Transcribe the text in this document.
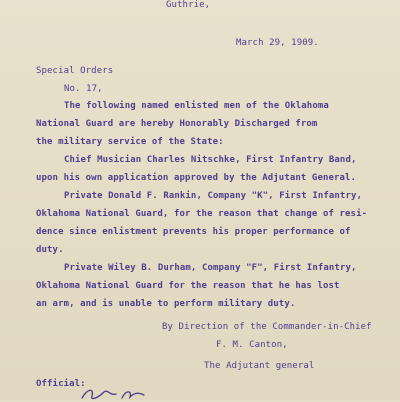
Guthrie,
March 29, 1909.
Special Orders
No. 17,
The following named enlisted men of the Oklahoma
National Guard are hereby Honorably Discharged from
the military service of the State:
Chief Musician Charles Nitschke, First Infantry Band,
upon his own application approved by the Adjutant General.
Private Donald F. Rankin, Company "K", First Infantry,
Oklahoma National Guard, for the reason that change of resi-
dence since enlistment prevents his proper performance of
duty.
Private Wiley B. Durham, Company "F", First Infantry,
Oklahoma National Guard for the reason that he has lost
an arm, and is unable to perform military duty.
By Direction of the Commander-in-Chief
F. M. Canton,
The Adjutant general
Official:
